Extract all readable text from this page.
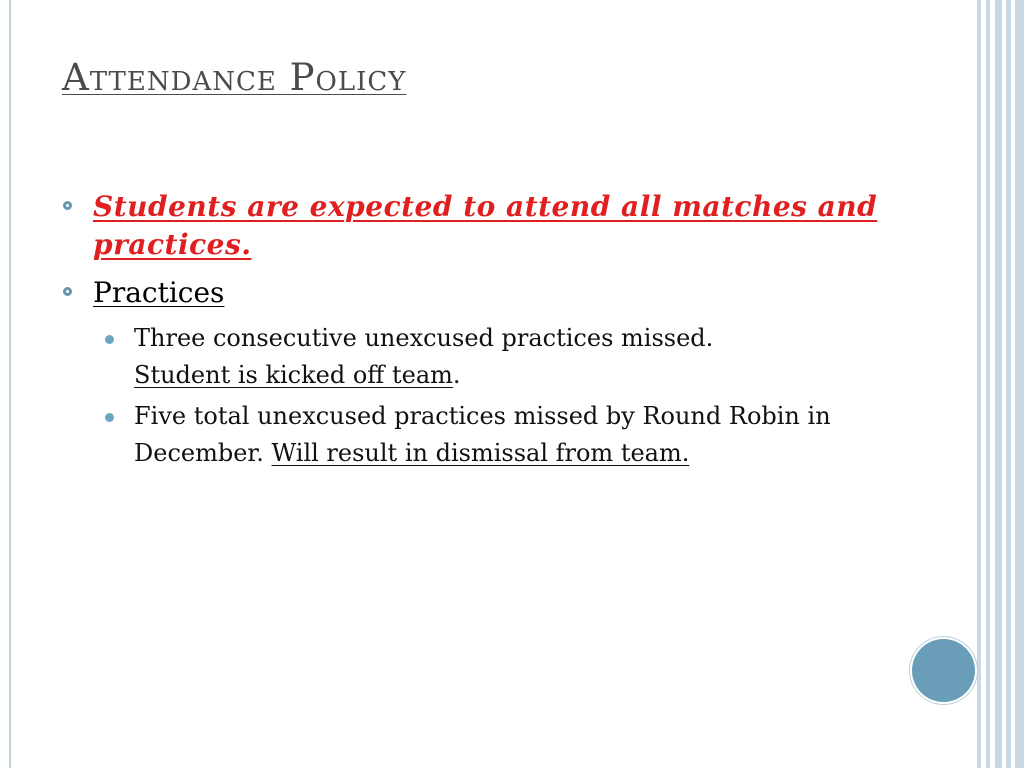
Attendance Policy
Students are expected to attend all matches and practices.
Practices
Three consecutive unexcused practices missed.
Student is kicked off team.
Five total unexcused practices missed by Round Robin in December. Will result in dismissal from team.
